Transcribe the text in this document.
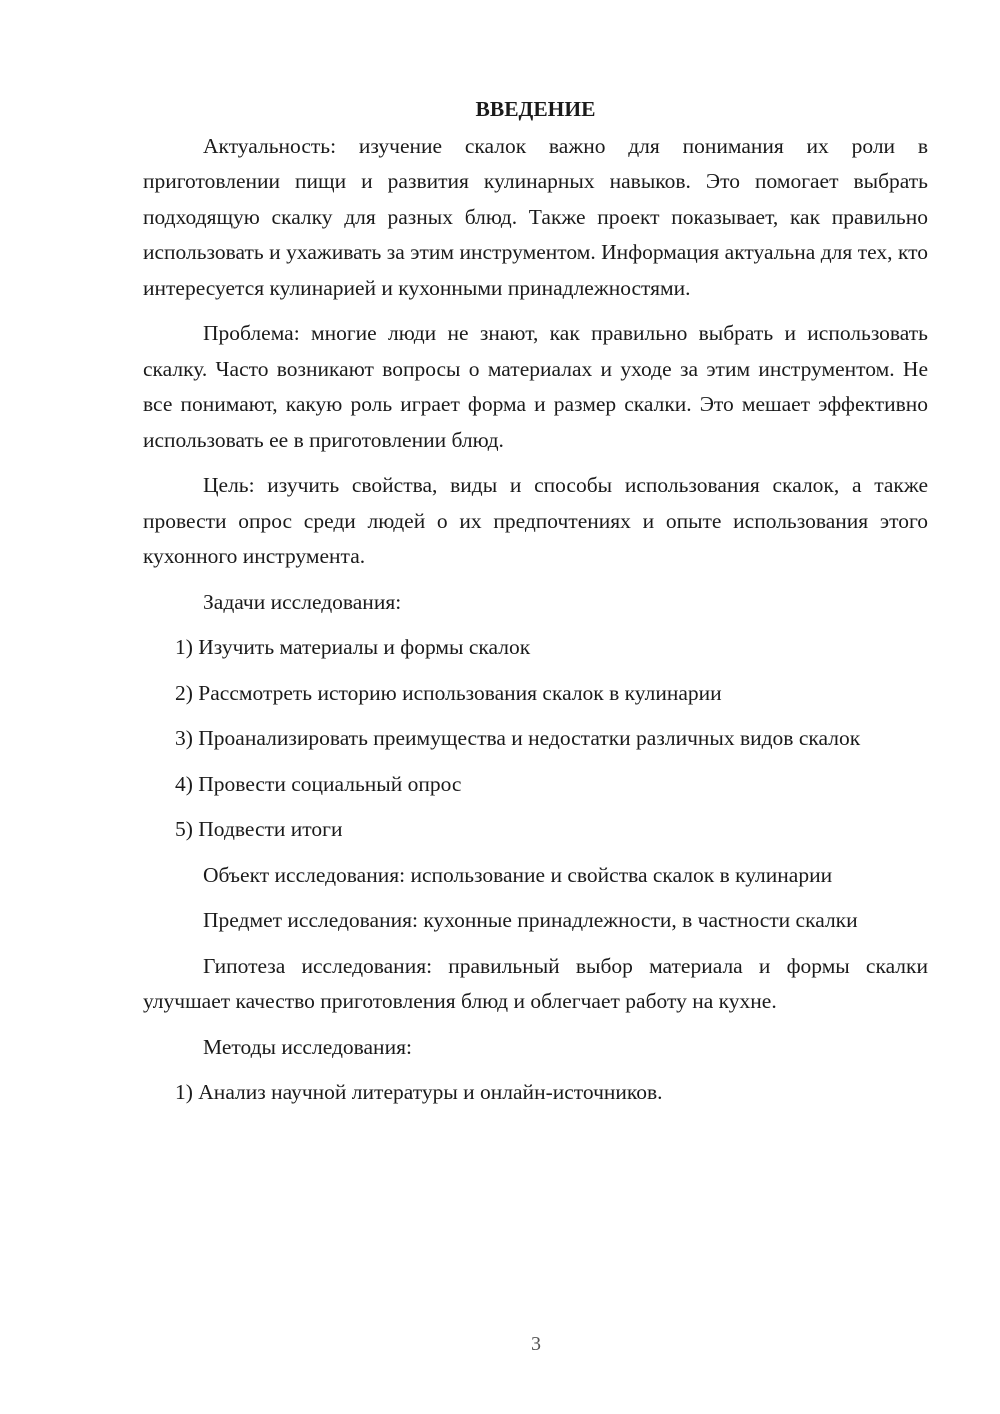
ВВЕДЕНИЕ

Актуальность: изучение скалок важно для понимания их роли в приготовлении пищи и развития кулинарных навыков. Это помогает выбрать подходящую скалку для разных блюд. Также проект показывает, как правильно использовать и ухаживать за этим инструментом. Информация актуальна для тех, кто интересуется кулинарией и кухонными принадлежностями.

Проблема: многие люди не знают, как правильно выбрать и использовать скалку. Часто возникают вопросы о материалах и уходе за этим инструментом. Не все понимают, какую роль играет форма и размер скалки. Это мешает эффективно использовать ее в приготовлении блюд.

Цель: изучить свойства, виды и способы использования скалок, а также провести опрос среди людей о их предпочтениях и опыте использования этого кухонного инструмента.

Задачи исследования:

1) Изучить материалы и формы скалок

2) Рассмотреть историю использования скалок в кулинарии

3) Проанализировать преимущества и недостатки различных видов скалок

4) Провести социальный опрос

5) Подвести итоги

Объект исследования: использование и свойства скалок в кулинарии

Предмет исследования: кухонные принадлежности, в частности скалки

Гипотеза исследования: правильный выбор материала и формы скалки улучшает качество приготовления блюд и облегчает работу на кухне.

Методы исследования:

1) Анализ научной литературы и онлайн-источников.

3
